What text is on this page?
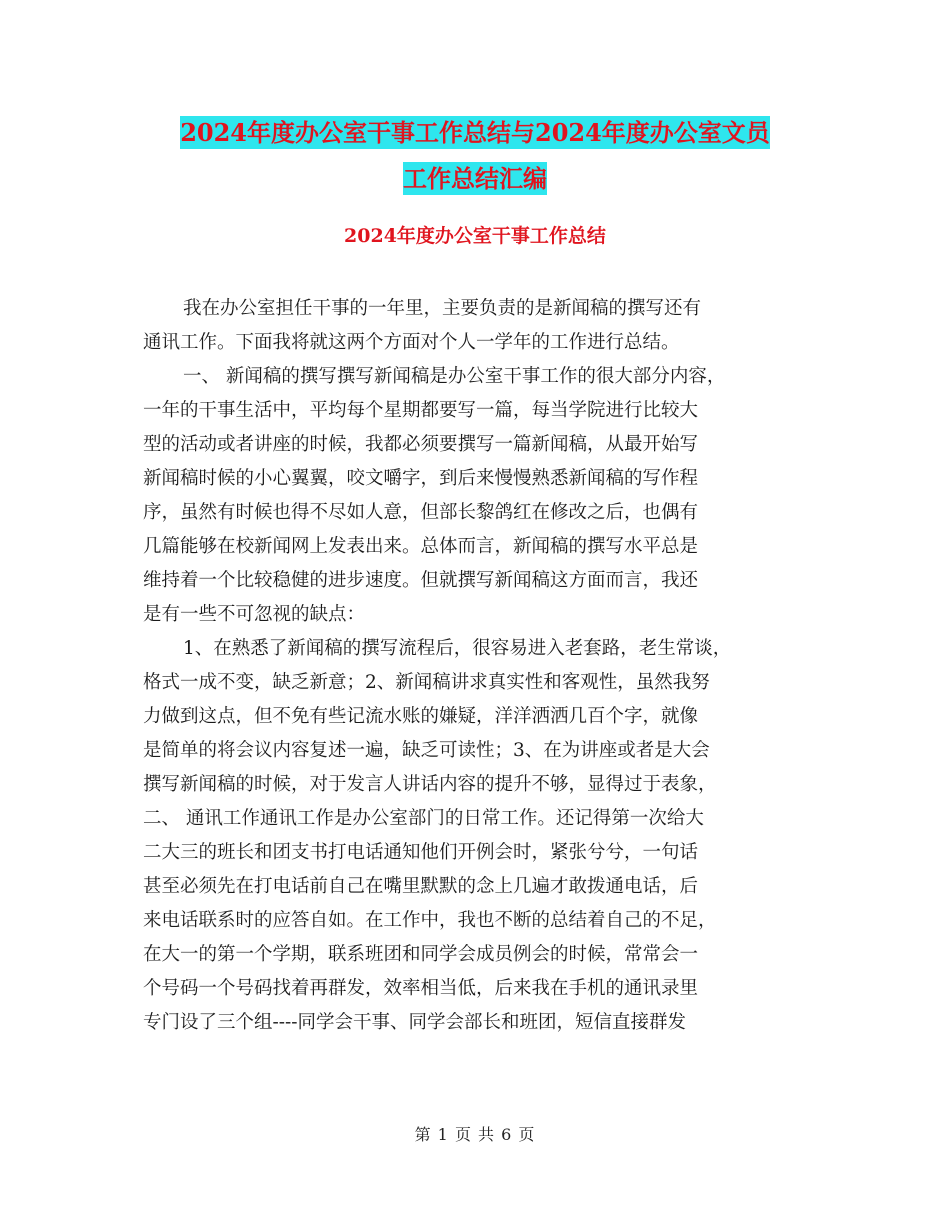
2024年度办公室干事工作总结与2024年度办公室文员
工作总结汇编
2024年度办公室干事工作总结
我在办公室担任干事的一年里，主要负责的是新闻稿的撰写还有
通讯工作。下面我将就这两个方面对个人一学年的工作进行总结。
一、 新闻稿的撰写撰写新闻稿是办公室干事工作的很大部分内容，
一年的干事生活中，平均每个星期都要写一篇，每当学院进行比较大
型的活动或者讲座的时候，我都必须要撰写一篇新闻稿，从最开始写
新闻稿时候的小心翼翼，咬文嚼字，到后来慢慢熟悉新闻稿的写作程
序，虽然有时候也得不尽如人意，但部长黎鸽红在修改之后，也偶有
几篇能够在校新闻网上发表出来。总体而言，新闻稿的撰写水平总是
维持着一个比较稳健的进步速度。但就撰写新闻稿这方面而言，我还
是有一些不可忽视的缺点：
1、在熟悉了新闻稿的撰写流程后，很容易进入老套路，老生常谈，
格式一成不变，缺乏新意；2、新闻稿讲求真实性和客观性，虽然我努
力做到这点，但不免有些记流水账的嫌疑，洋洋洒洒几百个字，就像
是简单的将会议内容复述一遍，缺乏可读性；3、在为讲座或者是大会
撰写新闻稿的时候，对于发言人讲话内容的提升不够，显得过于表象，
二、 通讯工作通讯工作是办公室部门的日常工作。还记得第一次给大
二大三的班长和团支书打电话通知他们开例会时，紧张兮兮，一句话
甚至必须先在打电话前自己在嘴里默默的念上几遍才敢拨通电话，后
来电话联系时的应答自如。在工作中，我也不断的总结着自己的不足，
在大一的第一个学期，联系班团和同学会成员例会的时候，常常会一
个号码一个号码找着再群发，效率相当低，后来我在手机的通讯录里
专门设了三个组----同学会干事、同学会部长和班团，短信直接群发
第 1 页 共 6 页
